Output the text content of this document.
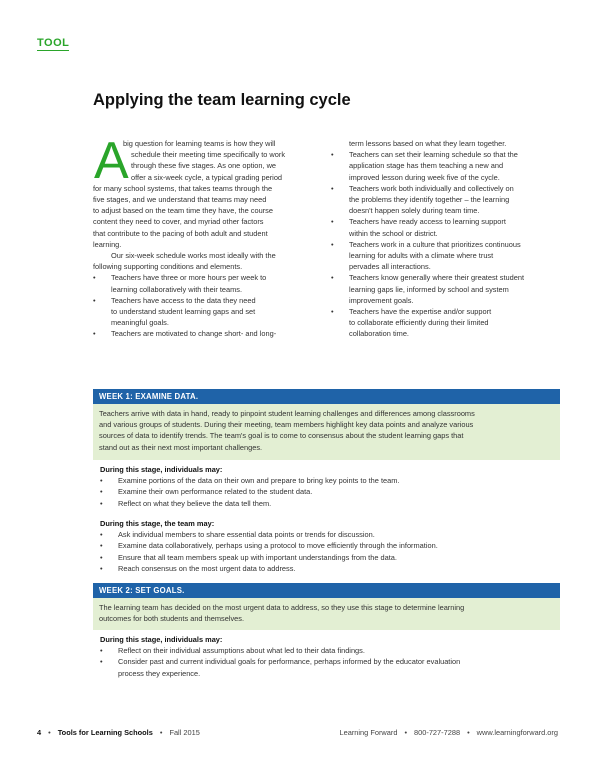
TOOL
Applying the team learning cycle
A
big question for learning teams is how they will
schedule their meeting time specifically to work
through these five stages. As one option, we
offer a six-week cycle, a typical grading period
for many school systems, that takes teams through the
five stages, and we understand that teams may need
to adjust based on the team time they have, the course
content they need to cover, and myriad other factors
that contribute to the pacing of both adult and student
learning.
Our six-week schedule works most ideally with the
following supporting conditions and elements.
• Teachers have three or more hours per week to
learning collaboratively with their teams.
• Teachers have access to the data they need
to understand student learning gaps and set
meaningful goals.
• Teachers are motivated to change short- and long-
term lessons based on what they learn together.
• Teachers can set their learning schedule so that the
application stage has them teaching a new and
improved lesson during week five of the cycle.
• Teachers work both individually and collectively on
the problems they identify together – the learning
doesn't happen solely during team time.
• Teachers have ready access to learning support
within the school or district.
• Teachers work in a culture that prioritizes continuous
learning for adults with a climate where trust
pervades all interactions.
• Teachers know generally where their greatest student
learning gaps lie, informed by school and system
improvement goals.
• Teachers have the expertise and/or support
to collaborate efficiently during their limited
collaboration time.
WEEK 1: EXAMINE DATA.
Teachers arrive with data in hand, ready to pinpoint student learning challenges and differences among classrooms
and various groups of students. During their meeting, team members highlight key data points and analyze various
sources of data to identify trends. The team's goal is to come to consensus about the student learning gaps that
stand out as their next most important challenges.
During this stage, individuals may:
• Examine portions of the data on their own and prepare to bring key points to the team.
• Examine their own performance related to the student data.
• Reflect on what they believe the data tell them.
During this stage, the team may:
• Ask individual members to share essential data points or trends for discussion.
• Examine data collaboratively, perhaps using a protocol to move efficiently through the information.
• Ensure that all team members speak up with important understandings from the data.
• Reach consensus on the most urgent data to address.
WEEK 2: SET GOALS.
The learning team has decided on the most urgent data to address, so they use this stage to determine learning
outcomes for both students and themselves.
During this stage, individuals may:
• Reflect on their individual assumptions about what led to their data findings.
• Consider past and current individual goals for performance, perhaps informed by the educator evaluation
process they experience.
4 • Tools for Learning Schools • Fall 2015	Learning Forward • 800-727-7288 • www.learningforward.org
